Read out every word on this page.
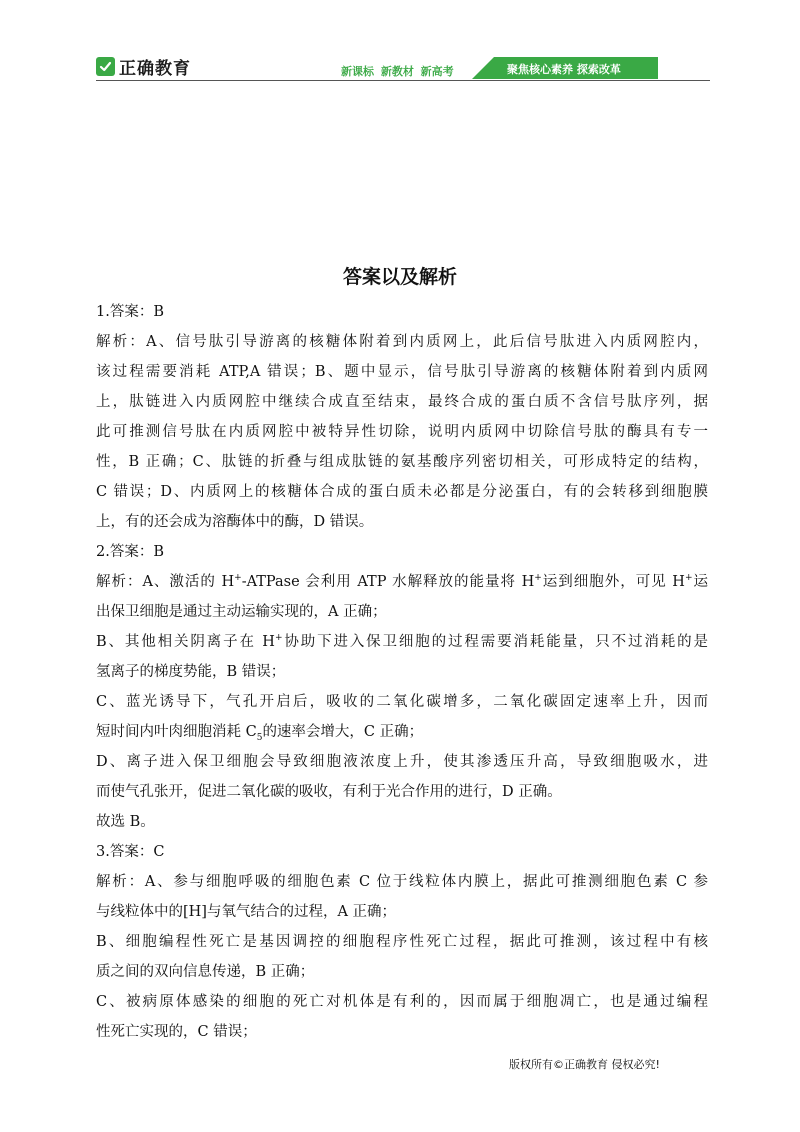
正确教育	新课标 新教材 新高考	聚焦核心素养 探索改革
答案以及解析
1.答案：B
解析：A、信号肽引导游离的核糖体附着到内质网上，此后信号肽进入内质网腔内，
该过程需要消耗 ATP,A 错误；B、题中显示，信号肽引导游离的核糖体附着到内质网
上，肽链进入内质网腔中继续合成直至结束，最终合成的蛋白质不含信号肽序列，据
此可推测信号肽在内质网腔中被特异性切除，说明内质网中切除信号肽的酶具有专一
性，B 正确；C、肽链的折叠与组成肽链的氨基酸序列密切相关，可形成特定的结构，
C 错误；D、内质网上的核糖体合成的蛋白质未必都是分泌蛋白，有的会转移到细胞膜
上，有的还会成为溶酶体中的酶，D 错误。
2.答案：B
解析：A、激活的 H+-ATPase 会利用 ATP 水解释放的能量将 H+运到细胞外，可见 H+运
出保卫细胞是通过主动运输实现的，A 正确；
B、其他相关阴离子在 H+协助下进入保卫细胞的过程需要消耗能量，只不过消耗的是
氢离子的梯度势能，B 错误；
C、蓝光诱导下，气孔开启后，吸收的二氧化碳增多，二氧化碳固定速率上升，因而
短时间内叶肉细胞消耗 $C_5$的速率会增大，C 正确；
D、离子进入保卫细胞会导致细胞液浓度上升，使其渗透压升高，导致细胞吸水，进
而使气孔张开，促进二氧化碳的吸收，有利于光合作用的进行，D 正确。
故选 B。
3.答案：C
解析：A、参与细胞呼吸的细胞色素 C 位于线粒体内膜上，据此可推测细胞色素 C 参
与线粒体中的[H]与氧气结合的过程，A 正确；
B、细胞编程性死亡是基因调控的细胞程序性死亡过程，据此可推测，该过程中有核
质之间的双向信息传递，B 正确；
C、被病原体感染的细胞的死亡对机体是有利的，因而属于细胞凋亡，也是通过编程
性死亡实现的，C 错误；
版权所有©正确教育 侵权必究!
